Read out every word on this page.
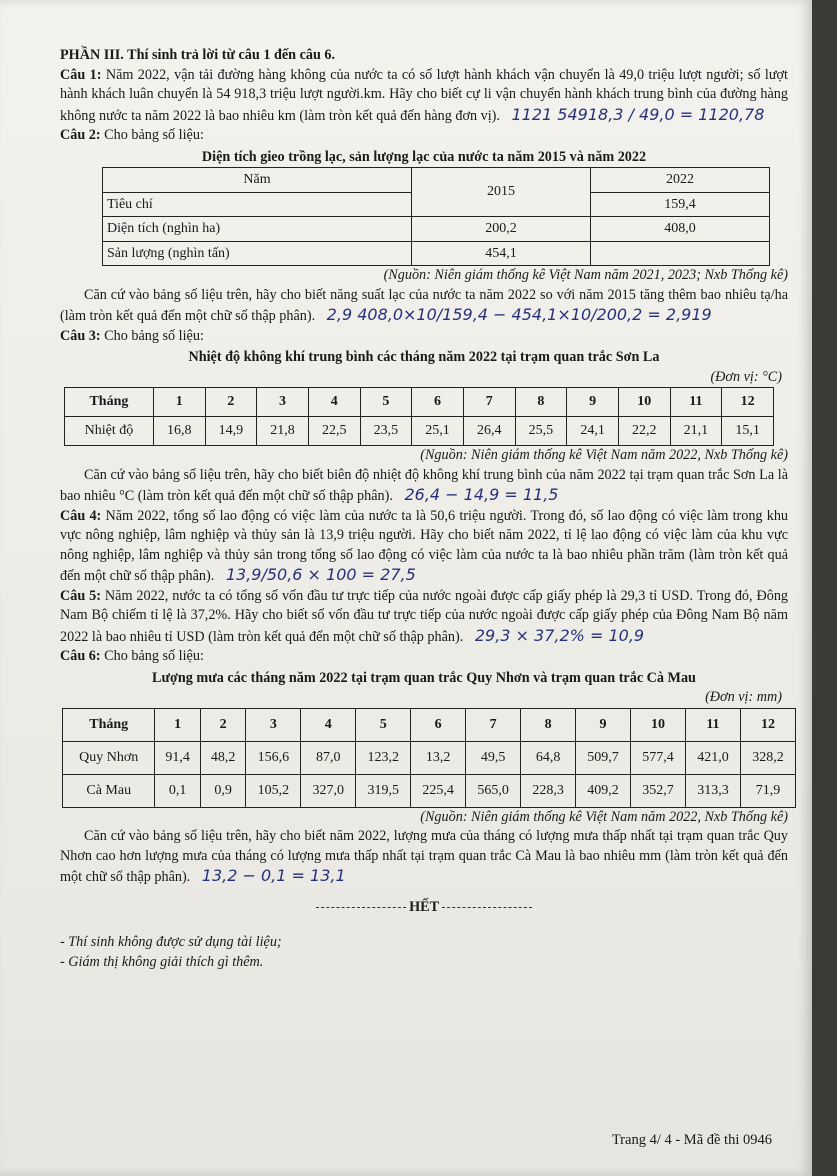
PHẦN III. Thí sinh trả lời từ câu 1 đến câu 6.

Câu 1: Năm 2022, vận tải đường hàng không của nước ta có số lượt hành khách vận chuyển là 49,0 triệu lượt người; số lượt hành khách luân chuyển là 54 918,3 triệu lượt người.km. Hãy cho biết cự li vận chuyển hành khách trung bình của đường hàng không nước ta năm 2022 là bao nhiêu km (làm tròn kết quả đến hàng đơn vị). 1121 54918,3 / 49,0 = 1120,78

Câu 2: Cho bảng số liệu:

Diện tích gieo trồng lạc, sản lượng lạc của nước ta năm 2015 và năm 2022
Năm	2015	2022
Tiêu chí		159,4
Diện tích (nghìn ha)	200,2	408,0
Sản lượng (nghìn tấn)	454,1	
(Nguồn: Niên giám thống kê Việt Nam năm 2021, 2023; Nxb Thống kê)

Căn cứ vào bảng số liệu trên, hãy cho biết năng suất lạc của nước ta năm 2022 so với năm 2015 tăng thêm bao nhiêu tạ/ha (làm tròn kết quả đến một chữ số thập phân). 2,9 408,0×10/159,4 − 454,1×10/200,2 = 2,919

Câu 3: Cho bảng số liệu:

Nhiệt độ không khí trung bình các tháng năm 2022 tại trạm quan trắc Sơn La
(Đơn vị: °C)
Tháng	1	2	3	4	5	6	7	8	9	10	11	12
Nhiệt độ	16,8	14,9	21,8	22,5	23,5	25,1	26,4	25,5	24,1	22,2	21,1	15,1
(Nguồn: Niên giám thống kê Việt Nam năm 2022, Nxb Thống kê)

Căn cứ vào bảng số liệu trên, hãy cho biết biên độ nhiệt độ không khí trung bình của năm 2022 tại trạm quan trắc Sơn La là bao nhiêu °C (làm tròn kết quả đến một chữ số thập phân). 26,4 − 14,9 = 11,5

Câu 4: Năm 2022, tổng số lao động có việc làm của nước ta là 50,6 triệu người. Trong đó, số lao động có việc làm trong khu vực nông nghiệp, lâm nghiệp và thủy sản là 13,9 triệu người. Hãy cho biết năm 2022, tỉ lệ lao động có việc làm của khu vực nông nghiệp, lâm nghiệp và thủy sản trong tổng số lao động có việc làm của nước ta là bao nhiêu phần trăm (làm tròn kết quả đến một chữ số thập phân). 13,9/50,6 × 100 = 27,5

Câu 5: Năm 2022, nước ta có tổng số vốn đầu tư trực tiếp của nước ngoài được cấp giấy phép là 29,3 tỉ USD. Trong đó, Đông Nam Bộ chiếm tỉ lệ là 37,2%. Hãy cho biết số vốn đầu tư trực tiếp của nước ngoài được cấp giấy phép của Đông Nam Bộ năm 2022 là bao nhiêu tỉ USD (làm tròn kết quả đến một chữ số thập phân). 29,3 × 37,2% = 10,9

Câu 6: Cho bảng số liệu:

Lượng mưa các tháng năm 2022 tại trạm quan trắc Quy Nhơn và trạm quan trắc Cà Mau
(Đơn vị: mm)
Tháng	1	2	3	4	5	6	7	8	9	10	11	12
Quy Nhơn	91,4	48,2	156,6	87,0	123,2	13,2	49,5	64,8	509,7	577,4	421,0	328,2
Cà Mau	0,1	0,9	105,2	327,0	319,5	225,4	565,0	228,3	409,2	352,7	313,3	71,9
(Nguồn: Niên giám thống kê Việt Nam năm 2022, Nxb Thống kê)

Căn cứ vào bảng số liệu trên, hãy cho biết năm 2022, lượng mưa của tháng có lượng mưa thấp nhất tại trạm quan trắc Quy Nhơn cao hơn lượng mưa của tháng có lượng mưa thấp nhất tại trạm quan trắc Cà Mau là bao nhiêu mm (làm tròn kết quả đến một chữ số thập phân). 13,2 − 0,1 = 13,1

HẾT
- Thí sinh không được sử dụng tài liệu;
- Giám thị không giải thích gì thêm.
Trang 4/ 4 - Mã đề thi 0946
